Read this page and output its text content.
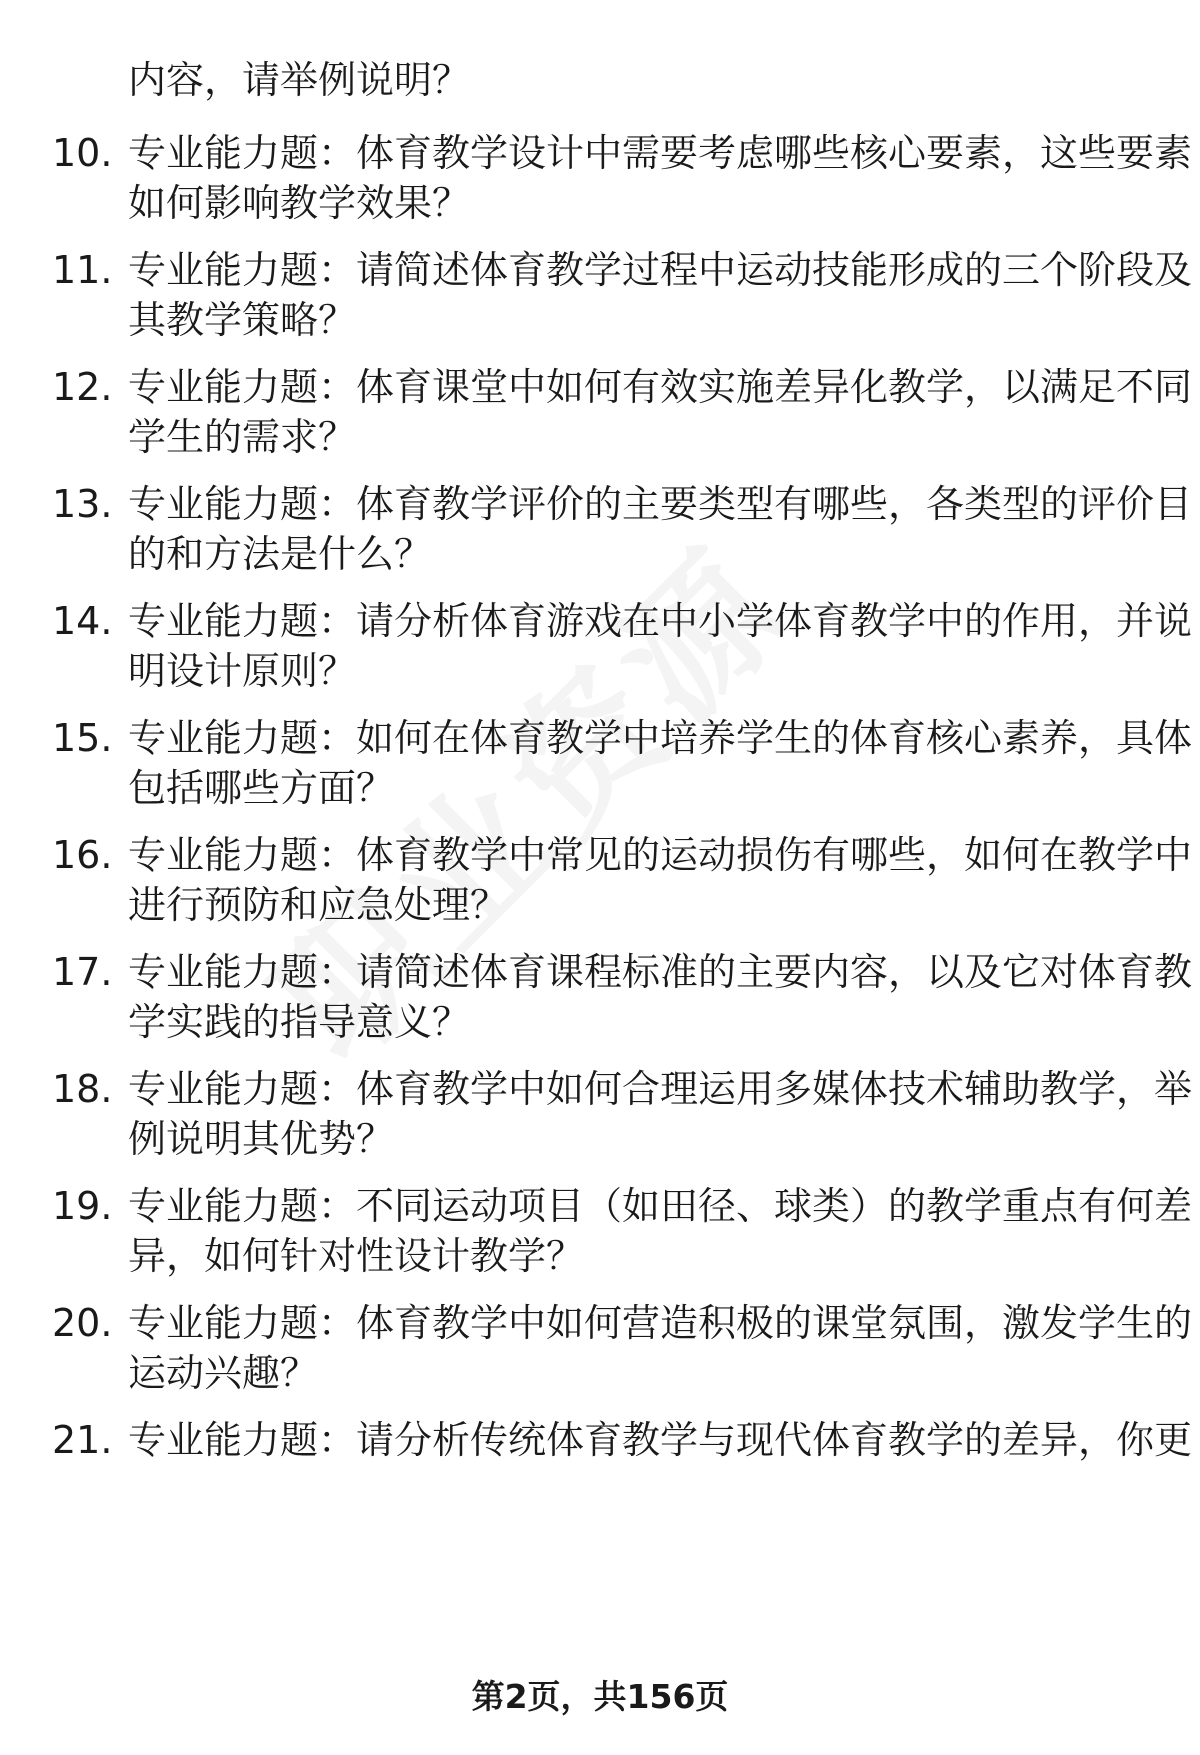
内容，请举例说明？
10. 专业能力题：体育教学设计中需要考虑哪些核心要素，这些要素
如何影响教学效果？
11. 专业能力题：请简述体育教学过程中运动技能形成的三个阶段及
其教学策略？
12. 专业能力题：体育课堂中如何有效实施差异化教学，以满足不同
学生的需求？
13. 专业能力题：体育教学评价的主要类型有哪些，各类型的评价目
的和方法是什么？
14. 专业能力题：请分析体育游戏在中小学体育教学中的作用，并说
明设计原则？
15. 专业能力题：如何在体育教学中培养学生的体育核心素养，具体
包括哪些方面？
16. 专业能力题：体育教学中常见的运动损伤有哪些，如何在教学中
进行预防和应急处理？
17. 专业能力题：请简述体育课程标准的主要内容，以及它对体育教
学实践的指导意义？
18. 专业能力题：体育教学中如何合理运用多媒体技术辅助教学，举
例说明其优势？
19. 专业能力题：不同运动项目（如田径、球类）的教学重点有何差
异，如何针对性设计教学？
20. 专业能力题：体育教学中如何营造积极的课堂氛围，激发学生的
运动兴趣？
21. 专业能力题：请分析传统体育教学与现代体育教学的差异，你更
第2页，共156页
